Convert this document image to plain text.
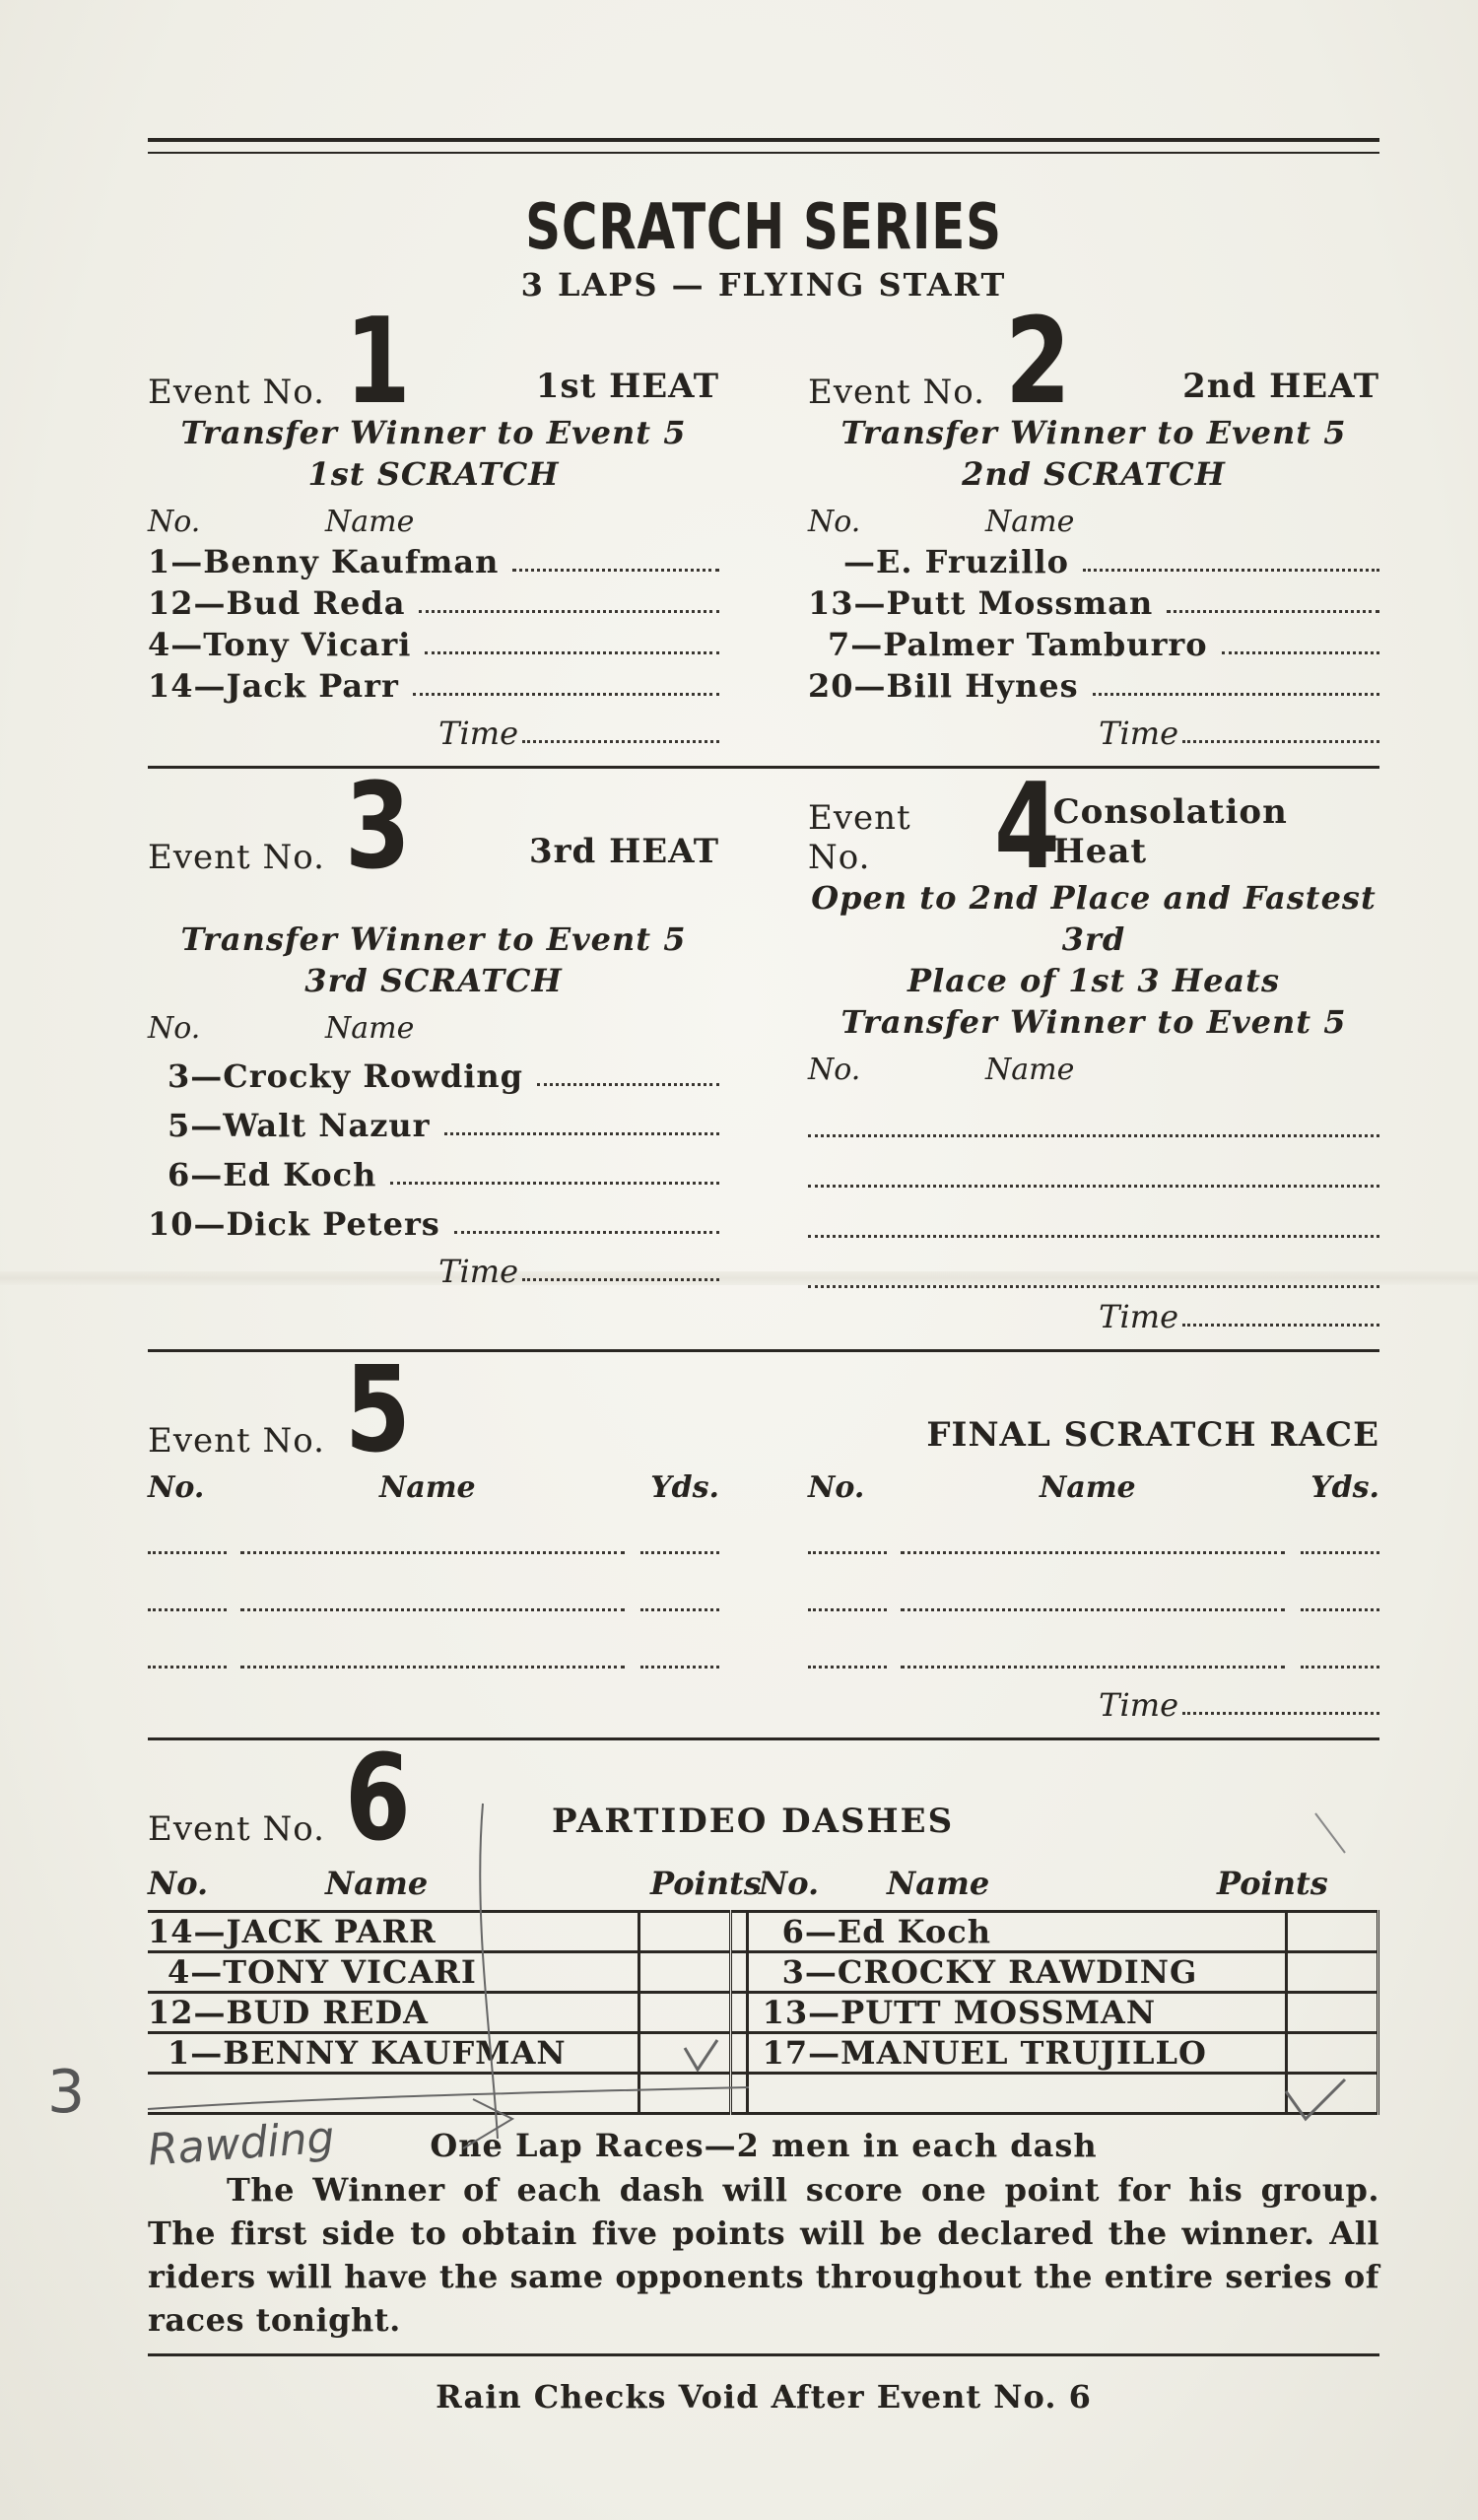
SCRATCH SERIES
3 LAPS — FLYING START
Event No. 1	1st HEAT
Transfer Winner to Event 5
1st SCRATCH
No.	Name
1—Benny Kaufman
12—Bud Reda
4—Tony Vicari
14—Jack Parr
Time
Event No. 2	2nd HEAT
Transfer Winner to Event 5
2nd SCRATCH
No.	Name
—E. Fruzillo
13—Putt Mossman
7—Palmer Tamburro
20—Bill Hynes
Time
Event No. 3	3rd HEAT
Transfer Winner to Event 5
3rd SCRATCH
No.	Name
3—Crocky Rowding
5—Walt Nazur
6—Ed Koch
10—Dick Peters
Time
Event No.	4
Consolation Heat
Open to 2nd Place and Fastest 3rd
Place of 1st 3 Heats
Transfer Winner to Event 5
No.	Name
Time
Event No. 5	FINAL SCRATCH RACE
No.	Name	Yds.	No.	Name	Yds.
Time
Event No. 6	PARTIDEO DASHES
No.	Name	Points
No.	Name	Points
14—JACK PARR			6—Ed Koch	
4—TONY VICARI			3—CROCKY RAWDING	
12—BUD REDA			13—PUTT MOSSMAN	
1—BENNY KAUFMAN			17—MANUEL TRUJILLO	

One Lap Races—2 men in each dash
The Winner of each dash will score one point for his group. The first side to obtain five points will be declared the winner. All riders will have the same opponents throughout the entire series of races tonight.
Rain Checks Void After Event No. 6
3
Rawding
